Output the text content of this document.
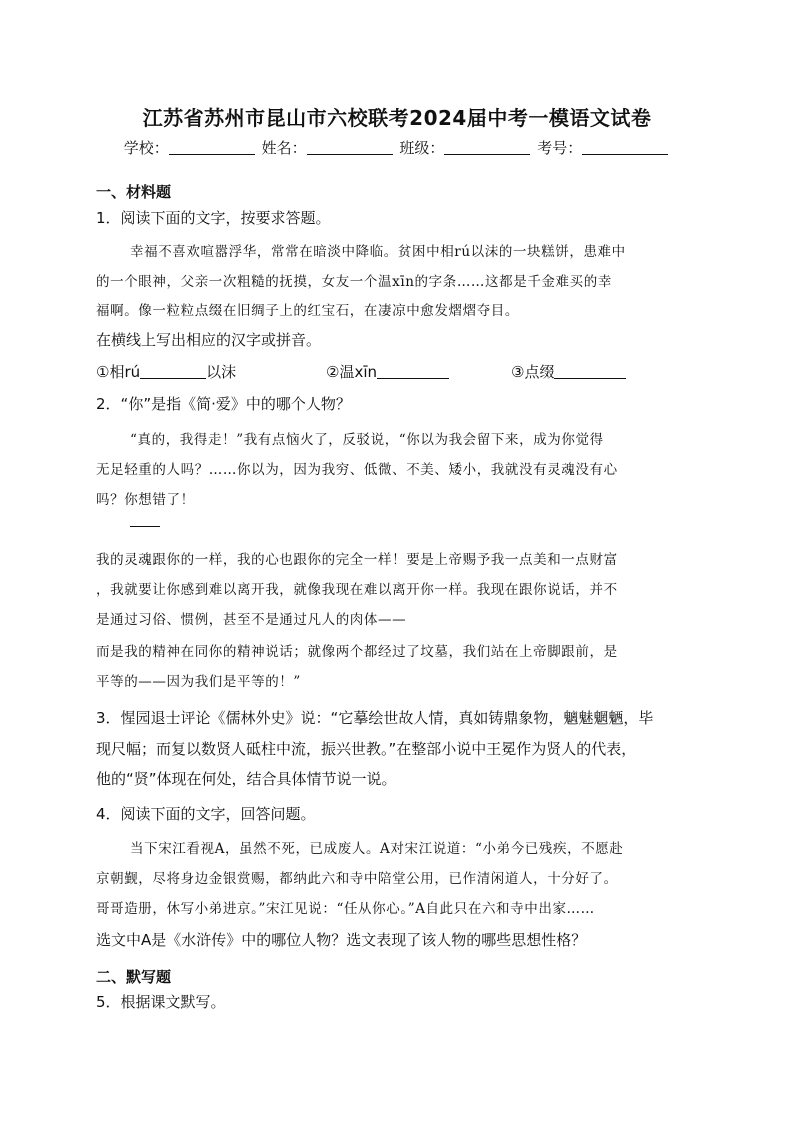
江苏省苏州市昆山市六校联考2024届中考一模语文试卷
学校：	姓名：	班级：	考号：
一、材料题
1．阅读下面的文字，按要求答题。
幸福不喜欢喧嚣浮华，常常在暗淡中降临。贫困中相rú以沫的一块糕饼，患难中
的一个眼神，父亲一次粗糙的抚摸，女友一个温xīn的字条……这都是千金难买的幸
福啊。像一粒粒点缀在旧绸子上的红宝石，在凄凉中愈发熠熠夺目。
在横线上写出相应的汉字或拼音。
①相rú	以沫	②温xīn	③点缀
2．“你”是指《简·爱》中的哪个人物？
“真的，我得走！”我有点恼火了，反驳说，“你以为我会留下来，成为你觉得
无足轻重的人吗？……你以为，因为我穷、低微、不美、矮小，我就没有灵魂没有心
吗？你想错了！
我的灵魂跟你的一样，我的心也跟你的完全一样！要是上帝赐予我一点美和一点财富
，我就要让你感到难以离开我，就像我现在难以离开你一样。我现在跟你说话，并不
是通过习俗、惯例，甚至不是通过凡人的肉体——
而是我的精神在同你的精神说话；就像两个都经过了坟墓，我们站在上帝脚跟前，是
平等的——因为我们是平等的！”
3．惺园退士评论《儒林外史》说：“它摹绘世故人情，真如铸鼎象物，魑魅魍魉，毕
现尺幅；而复以数贤人砥柱中流，振兴世教。”在整部小说中王冕作为贤人的代表，
他的“贤”体现在何处，结合具体情节说一说。
4．阅读下面的文字，回答问题。
当下宋江看视A，虽然不死，已成废人。A对宋江说道：“小弟今已残疾，不愿赴
京朝觐，尽将身边金银赏赐，都纳此六和寺中陪堂公用，已作清闲道人，十分好了。
哥哥造册，休写小弟进京。”宋江见说：“任从你心。”A自此只在六和寺中出家……
选文中A是《水浒传》中的哪位人物？选文表现了该人物的哪些思想性格？
二、默写题
5．根据课文默写。
